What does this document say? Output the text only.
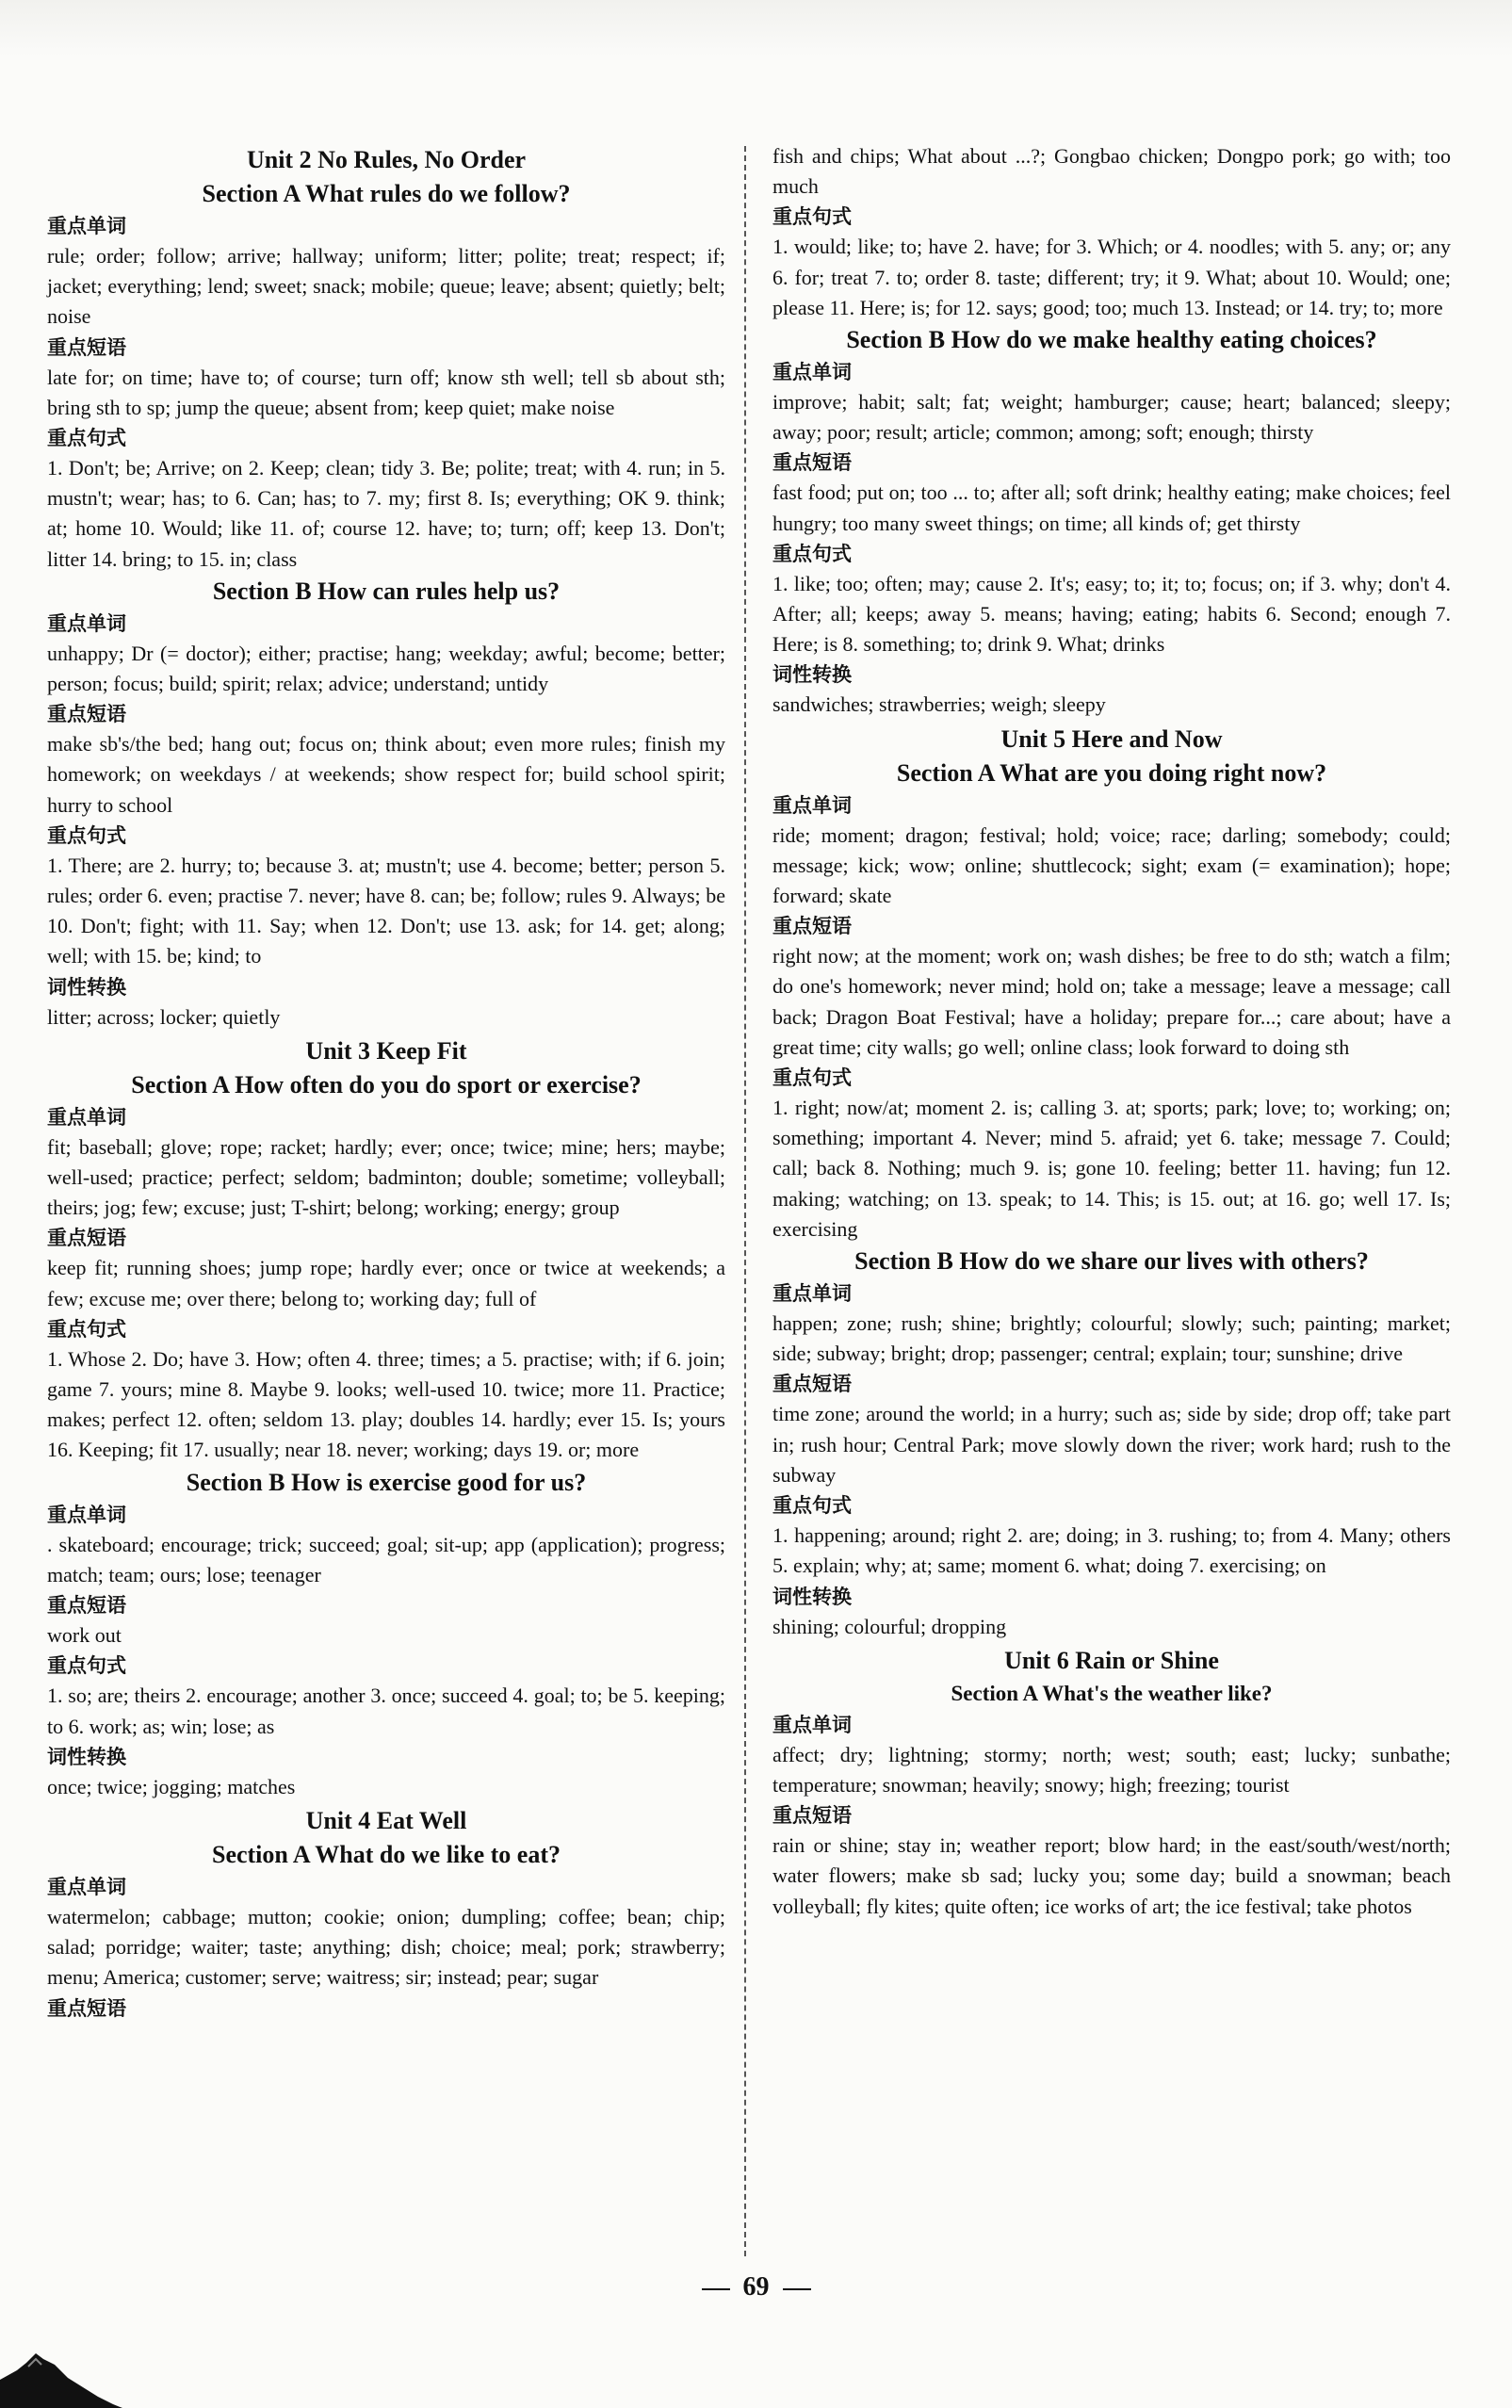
Unit 2 No Rules, No Order

Section A What rules do we follow?

重点单词

rule; order; follow; arrive; hallway; uniform; litter; polite; treat; respect; if; jacket; everything; lend; sweet; snack; mobile; queue; leave; absent; quietly; belt; noise

重点短语

late for; on time; have to; of course; turn off; know sth well; tell sb about sth; bring sth to sp; jump the queue; absent from; keep quiet; make noise

重点句式

1. Don't; be; Arrive; on 2. Keep; clean; tidy 3. Be; polite; treat; with 4. run; in 5. mustn't; wear; has; to 6. Can; has; to 7. my; first 8. Is; everything; OK 9. think; at; home 10. Would; like 11. of; course 12. have; to; turn; off; keep 13. Don't; litter 14. bring; to 15. in; class

Section B How can rules help us?

重点单词

unhappy; Dr (= doctor); either; practise; hang; weekday; awful; become; better; person; focus; build; spirit; relax; advice; understand; untidy

重点短语

make sb's/the bed; hang out; focus on; think about; even more rules; finish my homework; on weekdays / at weekends; show respect for; build school spirit; hurry to school

重点句式

1. There; are 2. hurry; to; because 3. at; mustn't; use 4. become; better; person 5. rules; order 6. even; practise 7. never; have 8. can; be; follow; rules 9. Always; be 10. Don't; fight; with 11. Say; when 12. Don't; use 13. ask; for 14. get; along; well; with 15. be; kind; to

词性转换

litter; across; locker; quietly

Unit 3 Keep Fit

Section A How often do you do sport or exercise?

重点单词

fit; baseball; glove; rope; racket; hardly; ever; once; twice; mine; hers; maybe; well-used; practice; perfect; seldom; badminton; double; sometime; volleyball; theirs; jog; few; excuse; just; T-shirt; belong; working; energy; group

重点短语

keep fit; running shoes; jump rope; hardly ever; once or twice at weekends; a few; excuse me; over there; belong to; working day; full of

重点句式

1. Whose 2. Do; have 3. How; often 4. three; times; a 5. practise; with; if 6. join; game 7. yours; mine 8. Maybe 9. looks; well-used 10. twice; more 11. Practice; makes; perfect 12. often; seldom 13. play; doubles 14. hardly; ever 15. Is; yours 16. Keeping; fit 17. usually; near 18. never; working; days 19. or; more

Section B How is exercise good for us?

重点单词

. skateboard; encourage; trick; succeed; goal; sit-up; app (application); progress; match; team; ours; lose; teenager

重点短语

work out

重点句式

1. so; are; theirs 2. encourage; another 3. once; succeed 4. goal; to; be 5. keeping; to 6. work; as; win; lose; as

词性转换

once; twice; jogging; matches

Unit 4 Eat Well

Section A What do we like to eat?

重点单词

watermelon; cabbage; mutton; cookie; onion; dumpling; coffee; bean; chip; salad; porridge; waiter; taste; anything; dish; choice; meal; pork; strawberry; menu; America; customer; serve; waitress; sir; instead; pear; sugar

重点短语

fish and chips; What about ...?; Gongbao chicken; Dongpo pork; go with; too much

重点句式

1. would; like; to; have 2. have; for 3. Which; or 4. noodles; with 5. any; or; any 6. for; treat 7. to; order 8. taste; different; try; it 9. What; about 10. Would; one; please 11. Here; is; for 12. says; good; too; much 13. Instead; or 14. try; to; more

Section B How do we make healthy eating choices?

重点单词

improve; habit; salt; fat; weight; hamburger; cause; heart; balanced; sleepy; away; poor; result; article; common; among; soft; enough; thirsty

重点短语

fast food; put on; too ... to; after all; soft drink; healthy eating; make choices; feel hungry; too many sweet things; on time; all kinds of; get thirsty

重点句式

1. like; too; often; may; cause 2. It's; easy; to; it; to; focus; on; if 3. why; don't 4. After; all; keeps; away 5. means; having; eating; habits 6. Second; enough 7. Here; is 8. something; to; drink 9. What; drinks

词性转换

sandwiches; strawberries; weigh; sleepy

Unit 5 Here and Now

Section A What are you doing right now?

重点单词

ride; moment; dragon; festival; hold; voice; race; darling; somebody; could; message; kick; wow; online; shuttlecock; sight; exam (= examination); hope; forward; skate

重点短语

right now; at the moment; work on; wash dishes; be free to do sth; watch a film; do one's homework; never mind; hold on; take a message; leave a message; call back; Dragon Boat Festival; have a holiday; prepare for...; care about; have a great time; city walls; go well; online class; look forward to doing sth

重点句式

1. right; now/at; moment 2. is; calling 3. at; sports; park; love; to; working; on; something; important 4. Never; mind 5. afraid; yet 6. take; message 7. Could; call; back 8. Nothing; much 9. is; gone 10. feeling; better 11. having; fun 12. making; watching; on 13. speak; to 14. This; is 15. out; at 16. go; well 17. Is; exercising

Section B How do we share our lives with others?

重点单词

happen; zone; rush; shine; brightly; colourful; slowly; such; painting; market; side; subway; bright; drop; passenger; central; explain; tour; sunshine; drive

重点短语

time zone; around the world; in a hurry; such as; side by side; drop off; take part in; rush hour; Central Park; move slowly down the river; work hard; rush to the subway

重点句式

1. happening; around; right 2. are; doing; in 3. rushing; to; from 4. Many; others 5. explain; why; at; same; moment 6. what; doing 7. exercising; on

词性转换

shining; colourful; dropping

Unit 6 Rain or Shine

Section A What's the weather like?

重点单词

affect; dry; lightning; stormy; north; west; south; east; lucky; sunbathe; temperature; snowman; heavily; snowy; high; freezing; tourist

重点短语

rain or shine; stay in; weather report; blow hard; in the east/south/west/north; water flowers; make sb sad; lucky you; some day; build a snowman; beach volleyball; fly kites; quite often; ice works of art; the ice festival; take photos

69
